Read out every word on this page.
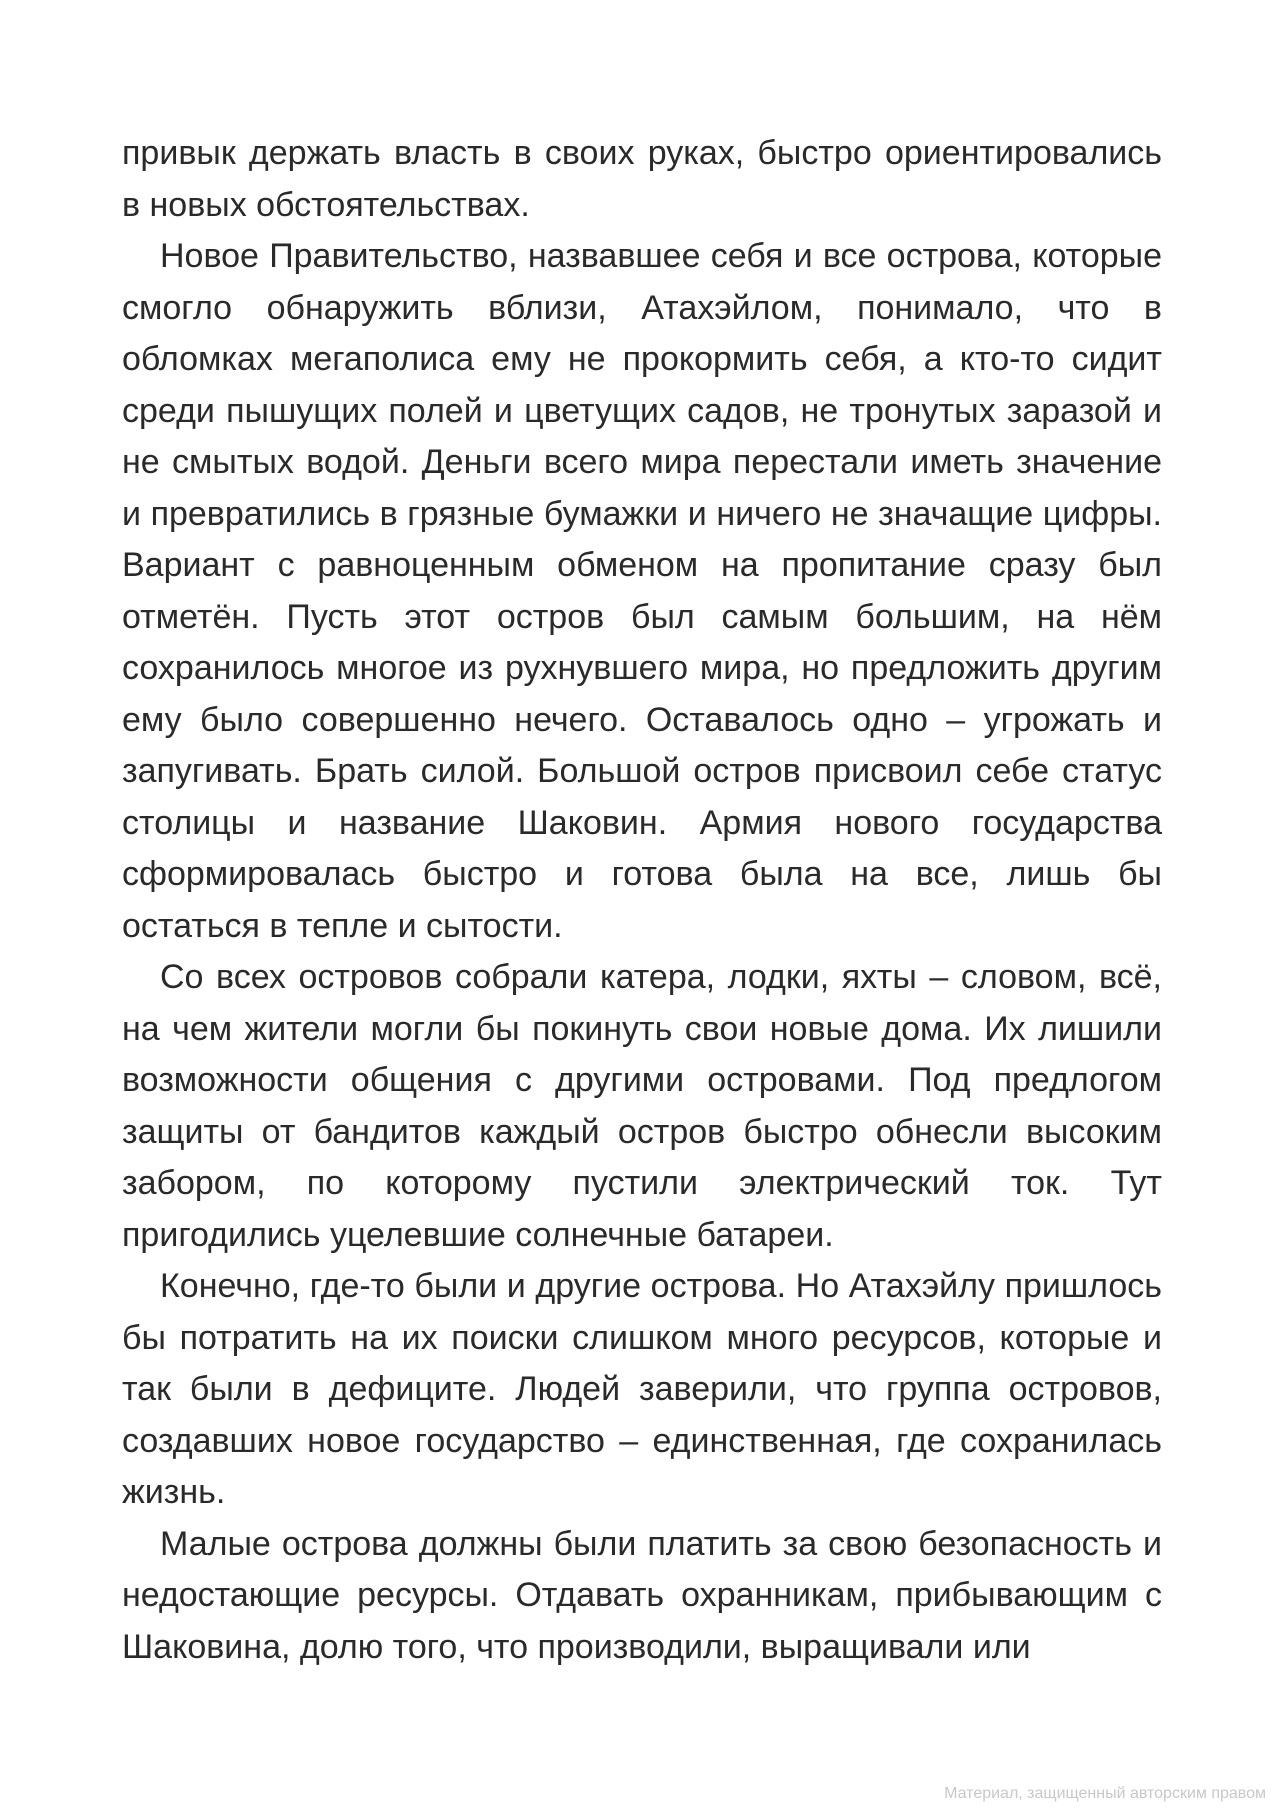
привык держать власть в своих руках, быстро ориентировались в новых обстоятельствах.

Новое Правительство, назвавшее себя и все острова, которые смогло обнаружить вблизи, Атахэйлом, понимало, что в обломках мегаполиса ему не прокормить себя, а кто-то сидит среди пышущих полей и цветущих садов, не тронутых заразой и не смытых водой. Деньги всего мира перестали иметь значение и превратились в грязные бумажки и ничего не значащие цифры. Вариант с равноценным обменом на пропитание сразу был отметён. Пусть этот остров был самым большим, на нём сохранилось многое из рухнувшего мира, но предложить другим ему было совершенно нечего. Оставалось одно – угрожать и запугивать. Брать силой. Большой остров присвоил себе статус столицы и название Шаковин. Армия нового государства сформировалась быстро и готова была на все, лишь бы остаться в тепле и сытости.

Со всех островов собрали катера, лодки, яхты – словом, всё, на чем жители могли бы покинуть свои новые дома. Их лишили возможности общения с другими островами. Под предлогом защиты от бандитов каждый остров быстро обнесли высоким забором, по которому пустили электрический ток. Тут пригодились уцелевшие солнечные батареи.

Конечно, где-то были и другие острова. Но Атахэйлу пришлось бы потратить на их поиски слишком много ресурсов, которые и так были в дефиците. Людей заверили, что группа островов, создавших новое государство – единственная, где сохранилась жизнь.

Малые острова должны были платить за свою безопасность и недостающие ресурсы. Отдавать охранникам, прибывающим с Шаковина, долю того, что производили, выращивали или

Материал, защищенный авторским правом
